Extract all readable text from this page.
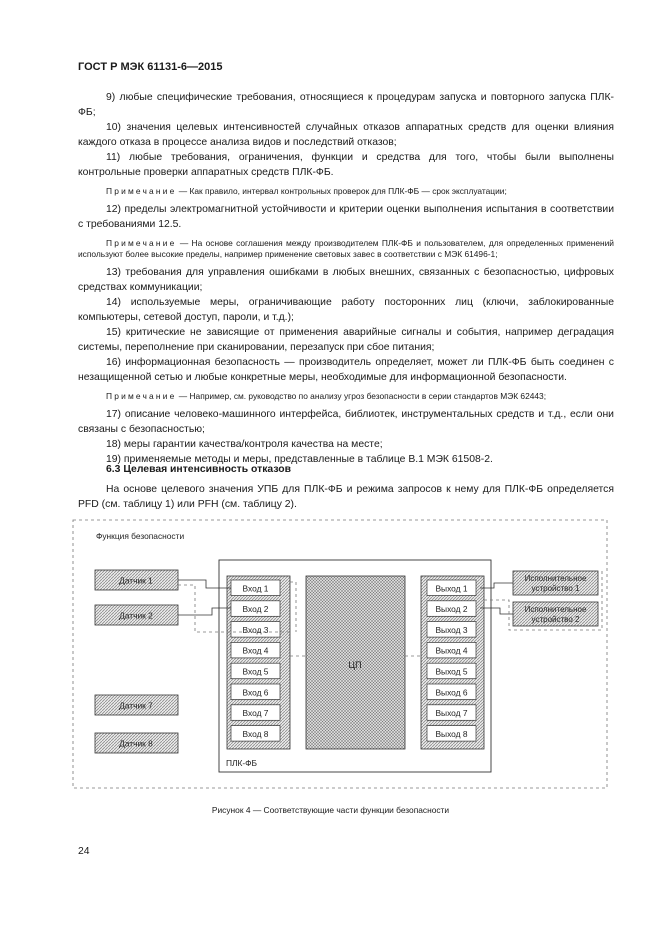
ГОСТ Р МЭК 61131-6—2015

9) любые специфические требования, относящиеся к процедурам запуска и повторного запуска ПЛК-ФБ;

10) значения целевых интенсивностей случайных отказов аппаратных средств для оценки влияния каждого отказа в процессе анализа видов и последствий отказов;

11) любые требования, ограничения, функции и средства для того, чтобы были выполнены контрольные проверки аппаратных средств ПЛК-ФБ.

Примечание — Как правило, интервал контрольных проверок для ПЛК-ФБ — срок эксплуатации;

12) пределы электромагнитной устойчивости и критерии оценки выполнения испытания в соответствии с требованиями 12.5.

Примечание — На основе соглашения между производителем ПЛК-ФБ и пользователем, для определенных применений используют более высокие пределы, например применение световых завес в соответствии с МЭК 61496-1;

13) требования для управления ошибками в любых внешних, связанных с безопасностью, цифровых средствах коммуникации;

14) используемые меры, ограничивающие работу посторонних лиц (ключи, заблокированные компьютеры, сетевой доступ, пароли, и т.д.);

15) критические не зависящие от применения аварийные сигналы и события, например деградация системы, переполнение при сканировании, перезапуск при сбое питания;

16) информационная безопасность — производитель определяет, может ли ПЛК-ФБ быть соединен с незащищенной сетью и любые конкретные меры, необходимые для информационной безопасности.

Примечание — Например, см. руководство по анализу угроз безопасности в серии стандартов МЭК 62443;

17) описание человеко-машинного интерфейса, библиотек, инструментальных средств и т.д., если они связаны с безопасностью;

18) меры гарантии качества/контроля качества на месте;

19) применяемые методы и меры, представленные в таблице В.1 МЭК 61508-2.

6.3 Целевая интенсивность отказов
На основе целевого значения УПБ для ПЛК-ФБ и режима запросов к нему для ПЛК-ФБ определяется PFD (см. таблицу 1) или PFH (см. таблицу 2).
Функция безопасности
ПЛК-ФБ
ЦП
Вход 1
Вход 2
Вход 3
Вход 4
Вход 5
Вход 6
Вход 7
Вход 8
Выход 1
Выход 2
Выход 3
Выход 4
Выход 5
Выход 6
Выход 7
Выход 8
Датчик 1
Датчик 2
Датчик 7
Датчик 8
Исполнительное
устройство 1
Исполнительное
устройство 2
Рисунок 4 — Соответствующие части функции безопасности
24
